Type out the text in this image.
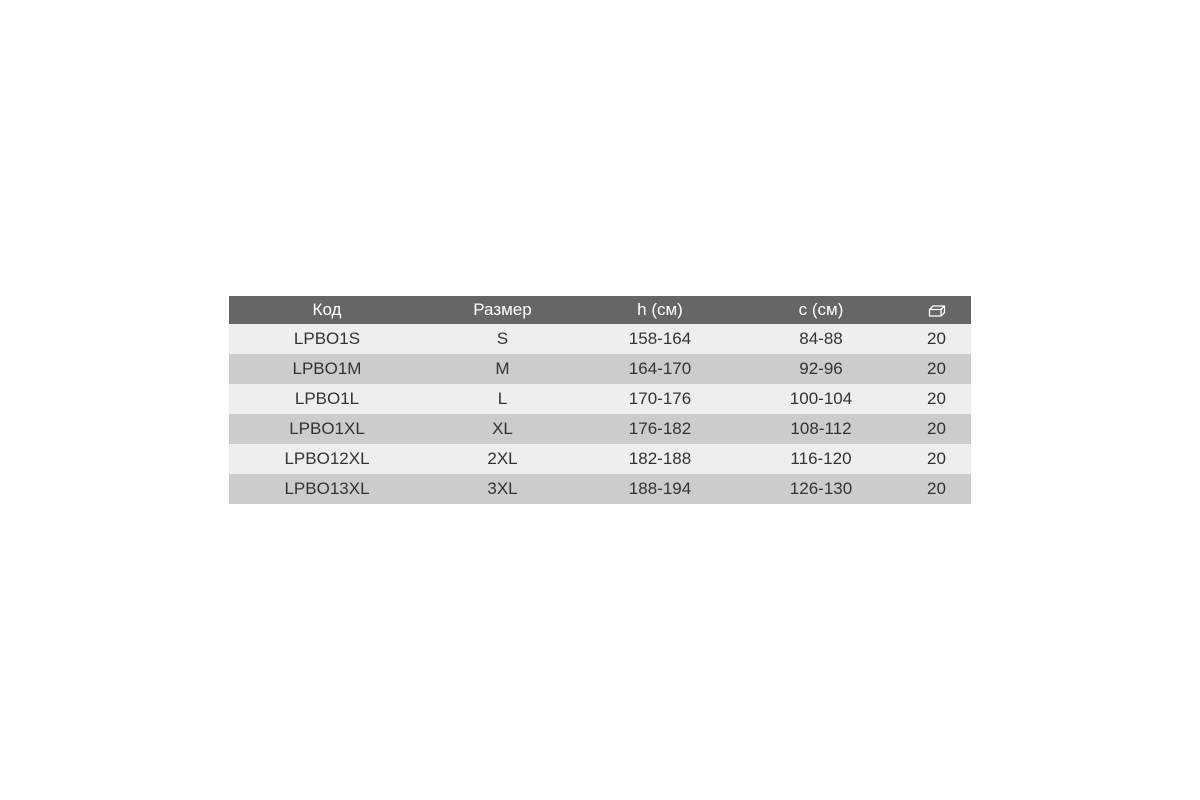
Код	Размер	h (см)	c (см)	
LPBO1S	S	158-164	84-88	20
LPBO1M	M	164-170	92-96	20
LPBO1L	L	170-176	100-104	20
LPBO1XL	XL	176-182	108-112	20
LPBO12XL	2XL	182-188	116-120	20
LPBO13XL	3XL	188-194	126-130	20
